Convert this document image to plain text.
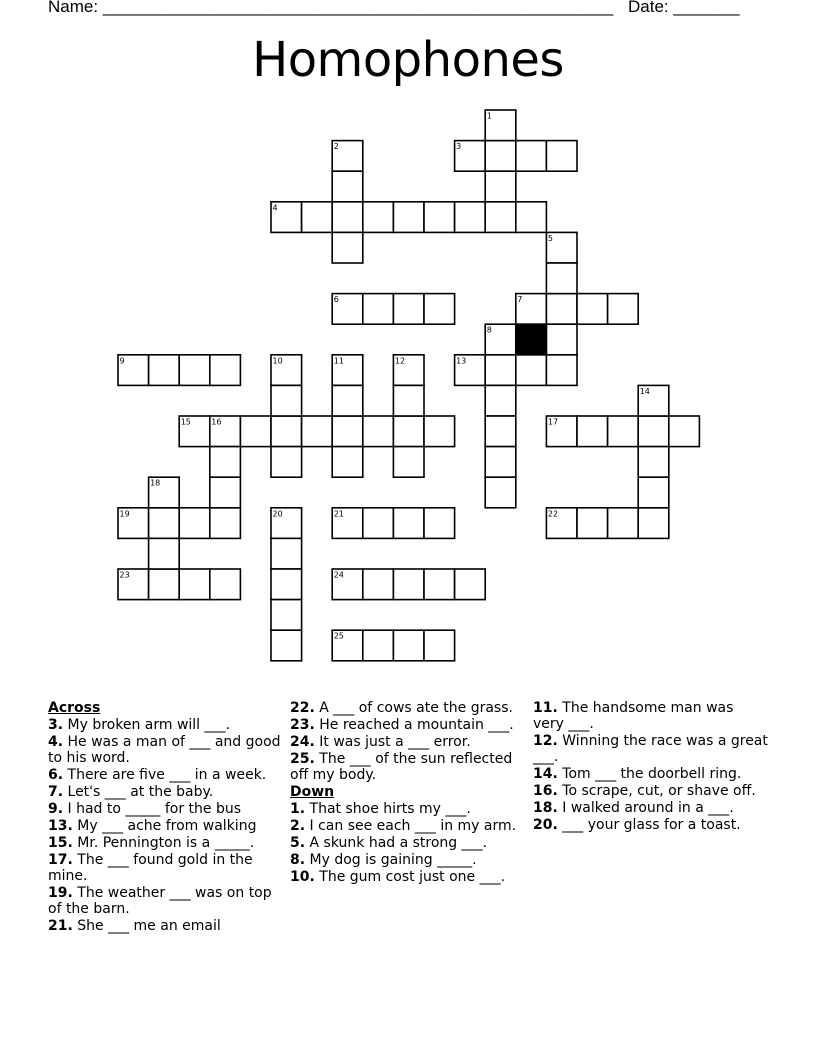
Name: ______________________________________________________ Date: _______
Homophones
3
4
6	7
9	13
15	17
19	21	22
23	24
25
1
2
5
8
10	11	12
14
16
18
20
Across
3. My broken arm will ___.
4. He was a man of ___ and good to his word.
6. There are five ___ in a week.
7. Let's ___ at the baby.
9. I had to _____ for the bus
13. My ___ ache from walking
15. Mr. Pennington is a _____.
17. The ___ found gold in the mine.
19. The weather ___ was on top of the barn.
21. She ___ me an email
22. A ___ of cows ate the grass.
23. He reached a mountain ___.
24. It was just a ___ error.
25. The ___ of the sun reflected off my body.
Down
1. That shoe hirts my ___.
2. I can see each ___ in my arm.
5. A skunk had a strong ___.
8. My dog is gaining _____.
10. The gum cost just one ___.
11. The handsome man was very ___.
12. Winning the race was a great ___.
14. Tom ___ the doorbell ring.
16. To scrape, cut, or shave off.
18. I walked around in a ___.
20. ___ your glass for a toast.
